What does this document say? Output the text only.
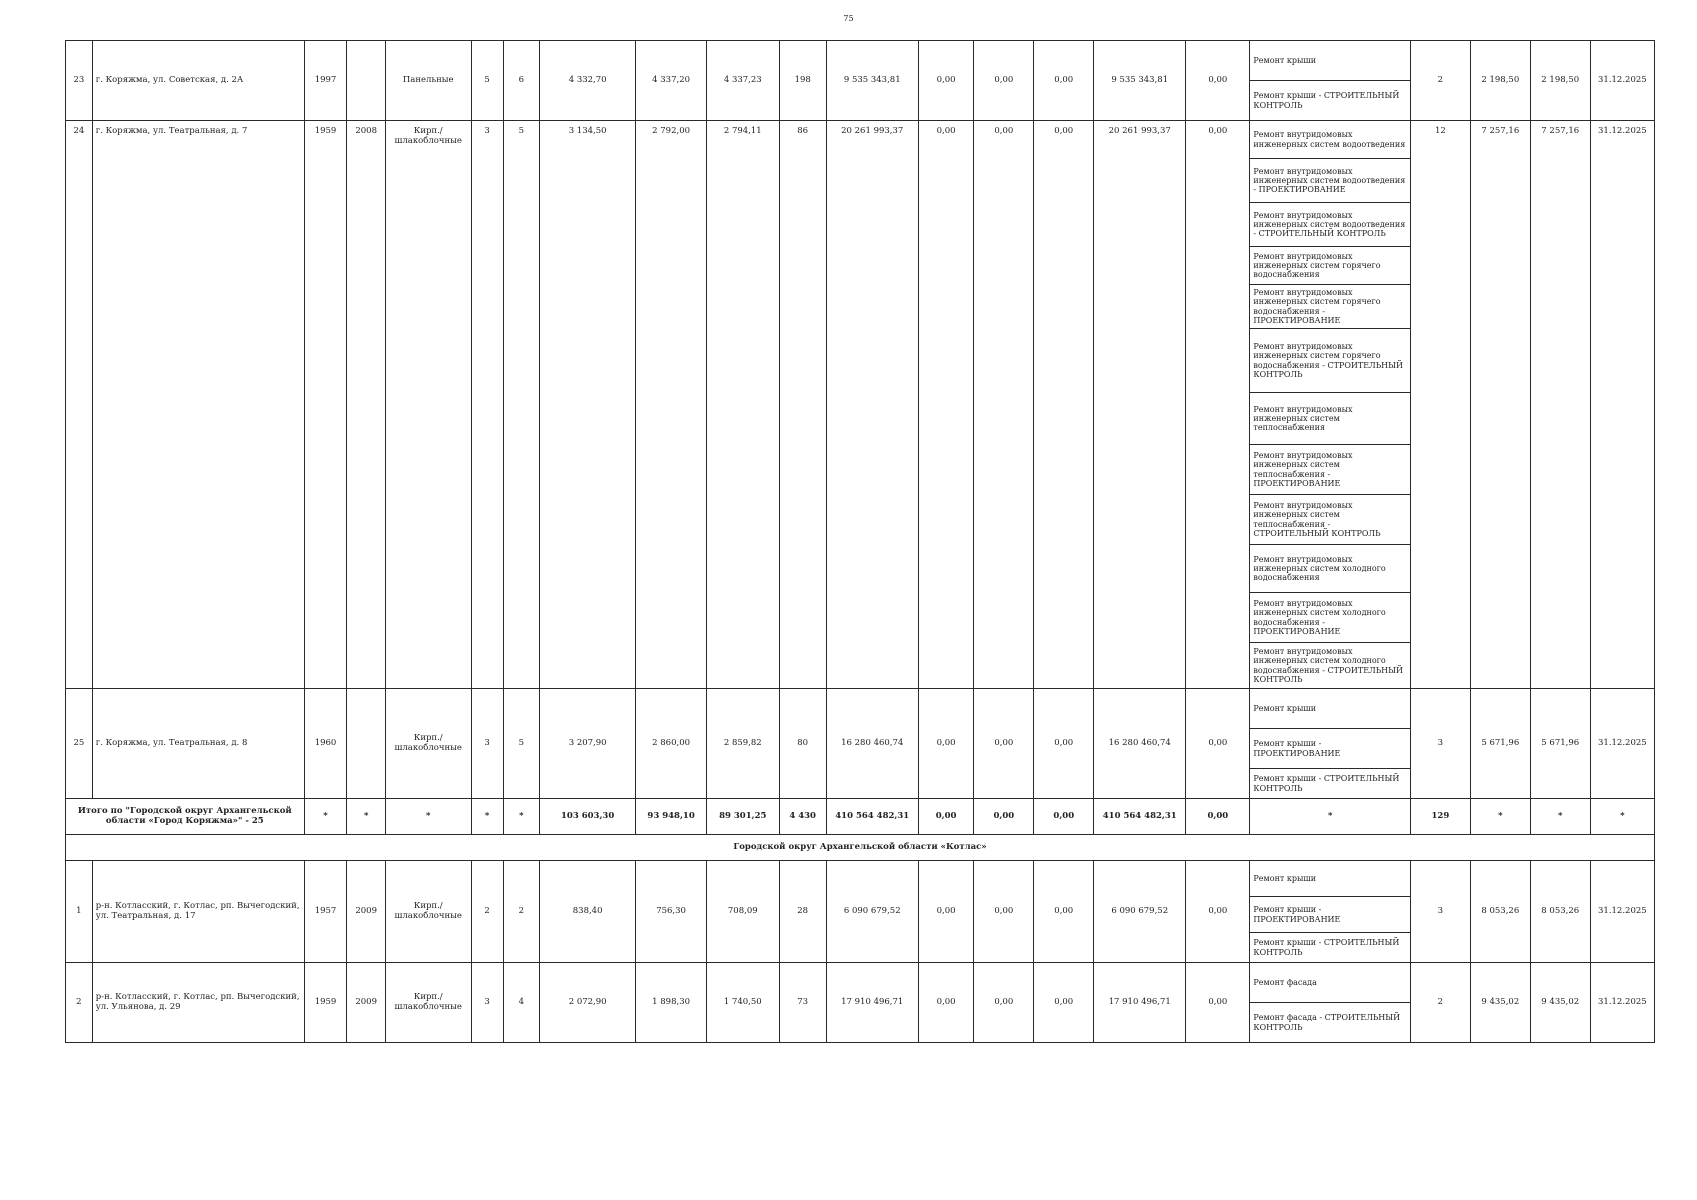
75
23	г. Коряжма, ул. Советская, д. 2А	1997		Панельные	5	6	4 332,70	4 337,20	4 337,23	198	9 535 343,81	0,00	0,00	0,00	9 535 343,81	0,00	Ремонт крыши	2	2 198,50	2 198,50	31.12.2025
																	Ремонт крыши - СТРОИТЕЛЬНЫЙ КОНТРОЛЬ				
24	г. Коряжма, ул. Театральная, д. 7	1959	2008	Кирп./ шлакоблочные	3	5	3 134,50	2 792,00	2 794,11	86	20 261 993,37	0,00	0,00	0,00	20 261 993,37	0,00	Ремонт внутридомовых инженерных систем водоотведения	12	7 257,16	7 257,16	31.12.2025
																	Ремонт внутридомовых инженерных систем водоотведения - ПРОЕКТИРОВАНИЕ				
																	Ремонт внутридомовых инженерных систем водоотведения - СТРОИТЕЛЬНЫЙ КОНТРОЛЬ				
																	Ремонт внутридомовых инженерных систем горячего водоснабжения				
																	Ремонт внутридомовых инженерных систем горячего водоснабжения - ПРОЕКТИРОВАНИЕ				
																	Ремонт внутридомовых инженерных систем горячего водоснабжения - СТРОИТЕЛЬНЫЙ КОНТРОЛЬ				
																	Ремонт внутридомовых инженерных систем теплоснабжения				
																	Ремонт внутридомовых инженерных систем теплоснабжения - ПРОЕКТИРОВАНИЕ				
																	Ремонт внутридомовых инженерных систем теплоснабжения - СТРОИТЕЛЬНЫЙ КОНТРОЛЬ				
																	Ремонт внутридомовых инженерных систем холодного водоснабжения				
																	Ремонт внутридомовых инженерных систем холодного водоснабжения - ПРОЕКТИРОВАНИЕ				
																	Ремонт внутридомовых инженерных систем холодного водоснабжения - СТРОИТЕЛЬНЫЙ КОНТРОЛЬ				
25	г. Коряжма, ул. Театральная, д. 8	1960		Кирп./ шлакоблочные	3	5	3 207,90	2 860,00	2 859,82	80	16 280 460,74	0,00	0,00	0,00	16 280 460,74	0,00	Ремонт крыши	3	5 671,96	5 671,96	31.12.2025
																	Ремонт крыши - ПРОЕКТИРОВАНИЕ				
																	Ремонт крыши - СТРОИТЕЛЬНЫЙ КОНТРОЛЬ				
Итого по "Городской округ Архангельской области «Город Коряжма»" - 25		*	*	*	*	*	103 603,30	93 948,10	89 301,25	4 430	410 564 482,31	0,00	0,00	0,00	410 564 482,31	0,00	*	129	*	*	*
Городской округ Архангельской области «Котлас»																					
1	р-н. Котласский, г. Котлас, рп. Вычегодский, ул. Театральная, д. 17	1957	2009	Кирп./ шлакоблочные	2	2	838,40	756,30	708,09	28	6 090 679,52	0,00	0,00	0,00	6 090 679,52	0,00	Ремонт крыши	3	8 053,26	8 053,26	31.12.2025
																	Ремонт крыши - ПРОЕКТИРОВАНИЕ				
																	Ремонт крыши - СТРОИТЕЛЬНЫЙ КОНТРОЛЬ				
2	р-н. Котласский, г. Котлас, рп. Вычегодский, ул. Ульянова, д. 29	1959	2009	Кирп./ шлакоблочные	3	4	2 072,90	1 898,30	1 740,50	73	17 910 496,71	0,00	0,00	0,00	17 910 496,71	0,00	Ремонт фасада	2	9 435,02	9 435,02	31.12.2025
																	Ремонт фасада - СТРОИТЕЛЬНЫЙ КОНТРОЛЬ				
